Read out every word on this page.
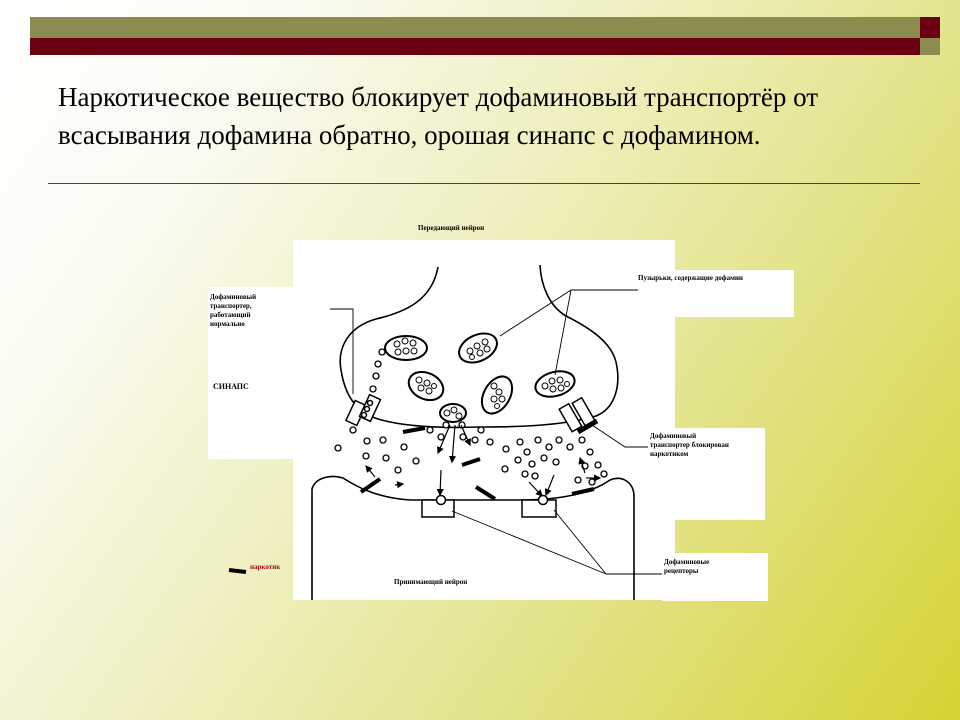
Наркотическое вещество блокирует дофаминовый транспортёр от всасывания дофамина обратно, орошая синапс с дофамином.

Передающий нейрон
Принимающий нейрон
Дофаминовый транспортер, работающий нормально
СИНАПС
Пузырьки, содержащие дофамин
Дофаминовый транспортер блокирован наркотиком
Дофаминовые рецепторы
наркотик
